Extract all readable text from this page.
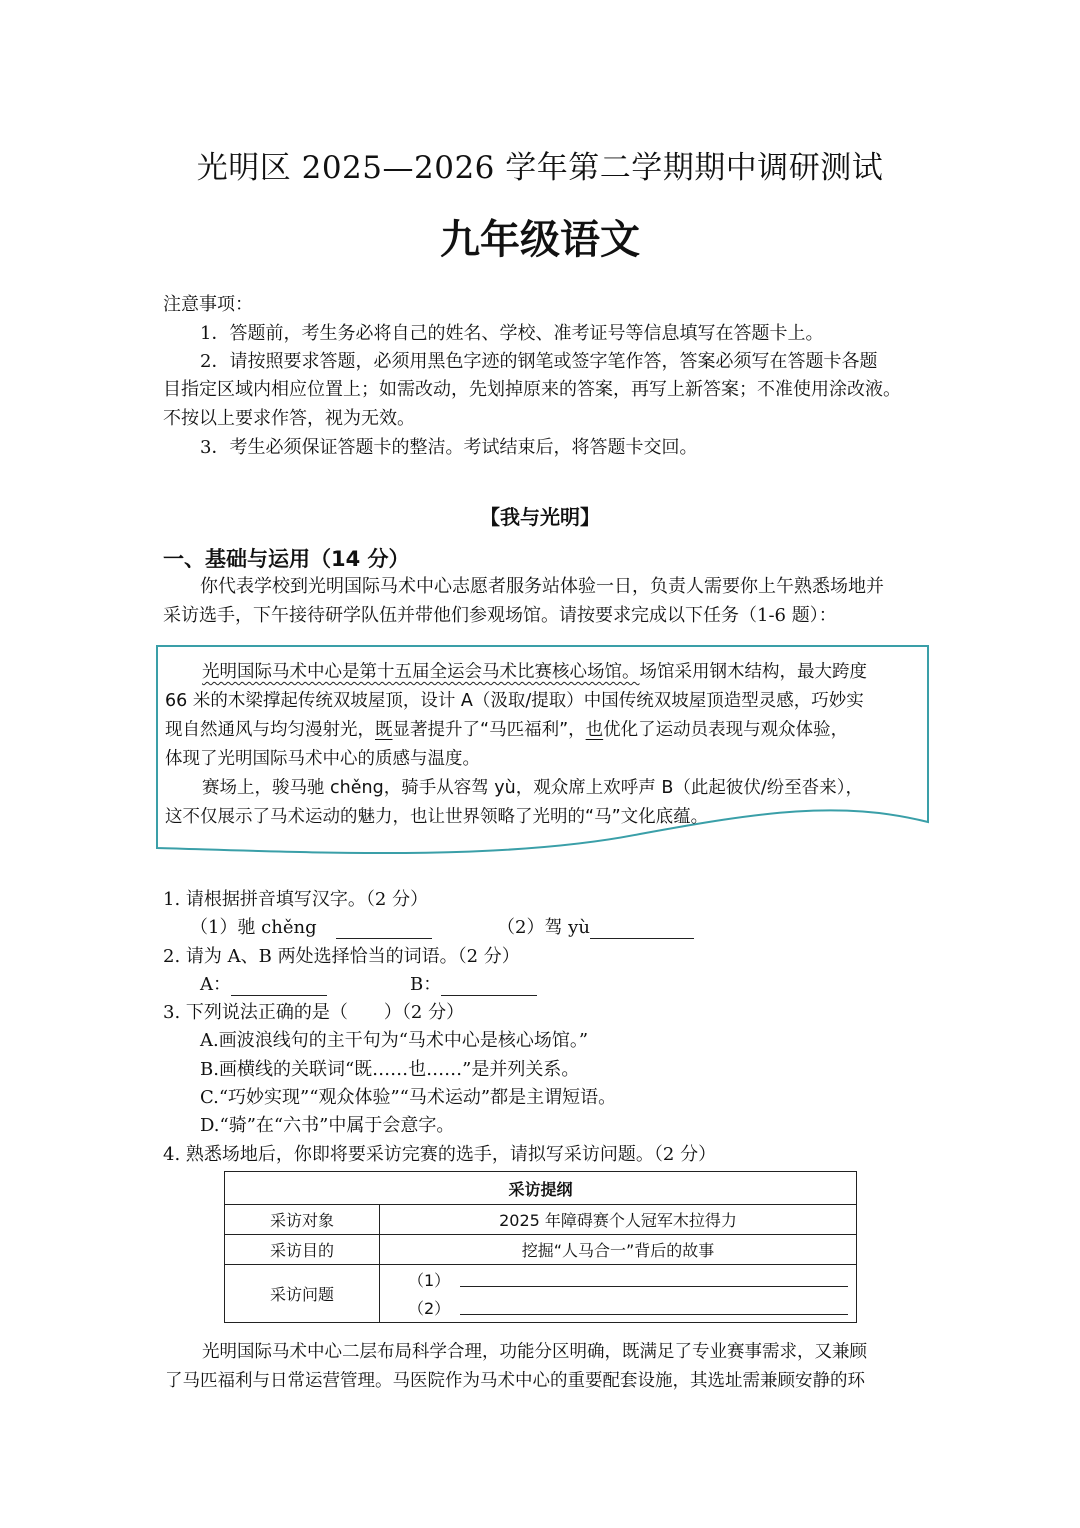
光明区 2025—2026 学年第二学期期中调研测试
九年级语文
注意事项：
1．答题前，考生务必将自己的姓名、学校、准考证号等信息填写在答题卡上。
2．请按照要求答题，必须用黑色字迹的钢笔或签字笔作答，答案必须写在答题卡各题
目指定区域内相应位置上；如需改动，先划掉原来的答案，再写上新答案；不准使用涂改液。
不按以上要求作答，视为无效。
3．考生必须保证答题卡的整洁。考试结束后，将答题卡交回。
【我与光明】
一、基础与运用（14 分）
你代表学校到光明国际马术中心志愿者服务站体验一日，负责人需要你上午熟悉场地并
采访选手，下午接待研学队伍并带他们参观场馆。请按要求完成以下任务（1-6 题）：
光明国际马术中心是第十五届全运会马术比赛核心场馆。场馆采用钢木结构，最大跨度
66 米的木梁撑起传统双坡屋顶，设计 A（汲取/提取）中国传统双坡屋顶造型灵感，巧妙实
现自然通风与均匀漫射光，既显著提升了“马匹福利”，也优化了运动员表现与观众体验，
体现了光明国际马术中心的质感与温度。
赛场上，骏马驰 chěng，骑手从容驾 yù，观众席上欢呼声 B（此起彼伏/纷至沓来），
这不仅展示了马术运动的魅力，也让世界领略了光明的“马”文化底蕴。
1. 请根据拼音填写汉字。（2 分）
（1）驰 chěng	（2）驾 yù
2. 请为 A、B 两处选择恰当的词语。（2 分）
A：	B：
3. 下列说法正确的是（　　）（2 分）
A.画波浪线句的主干句为“马术中心是核心场馆。”
B.画横线的关联词“既……也……”是并列关系。
C.“巧妙实现”“观众体验”“马术运动”都是主谓短语。
D.“骑”在“六书”中属于会意字。
4. 熟悉场地后，你即将要采访完赛的选手，请拟写采访问题。（2 分）
采访提纲	
采访对象	2025 年障碍赛个人冠军木拉得力
采访目的	挖掘“人马合一”背后的故事
采访问题	（1）
（2）
光明国际马术中心二层布局科学合理，功能分区明确，既满足了专业赛事需求，又兼顾
了马匹福利与日常运营管理。马医院作为马术中心的重要配套设施，其选址需兼顾安静的环
